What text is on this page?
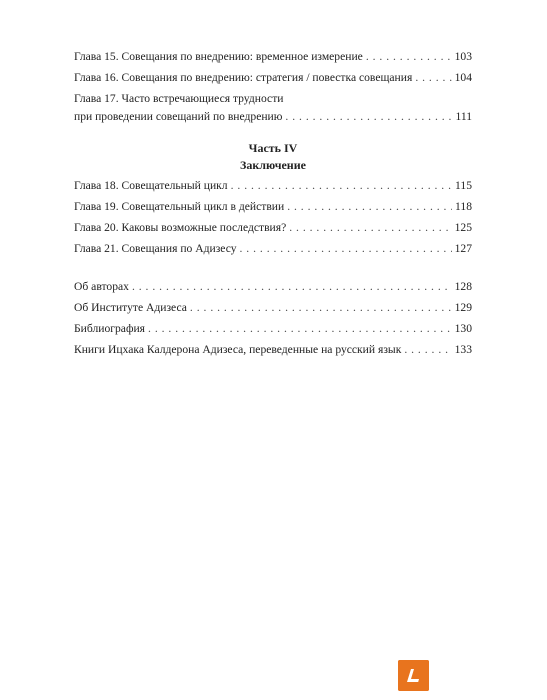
Глава 15. Совещания по внедрению: временное измерение . . .	103
Глава 16. Совещания по внедрению: стратегия / повестка совещания . . .	104
Глава 17. Часто встречающиеся трудности
при проведении совещаний по внедрению . . .	111
Часть IV
Заключение
Глава 18. Совещательный цикл . . .	115
Глава 19. Совещательный цикл в действии . . .	118
Глава 20. Каковы возможные последствия? . . .	125
Глава 21. Совещания по Адизесу . . .	127
Об авторах . . .	128
Об Институте Адизеса . . .	129
Библиография . . .	130
Книги Ицхака Калдерона Адизеса, переведенные на русский язык . . .	133
